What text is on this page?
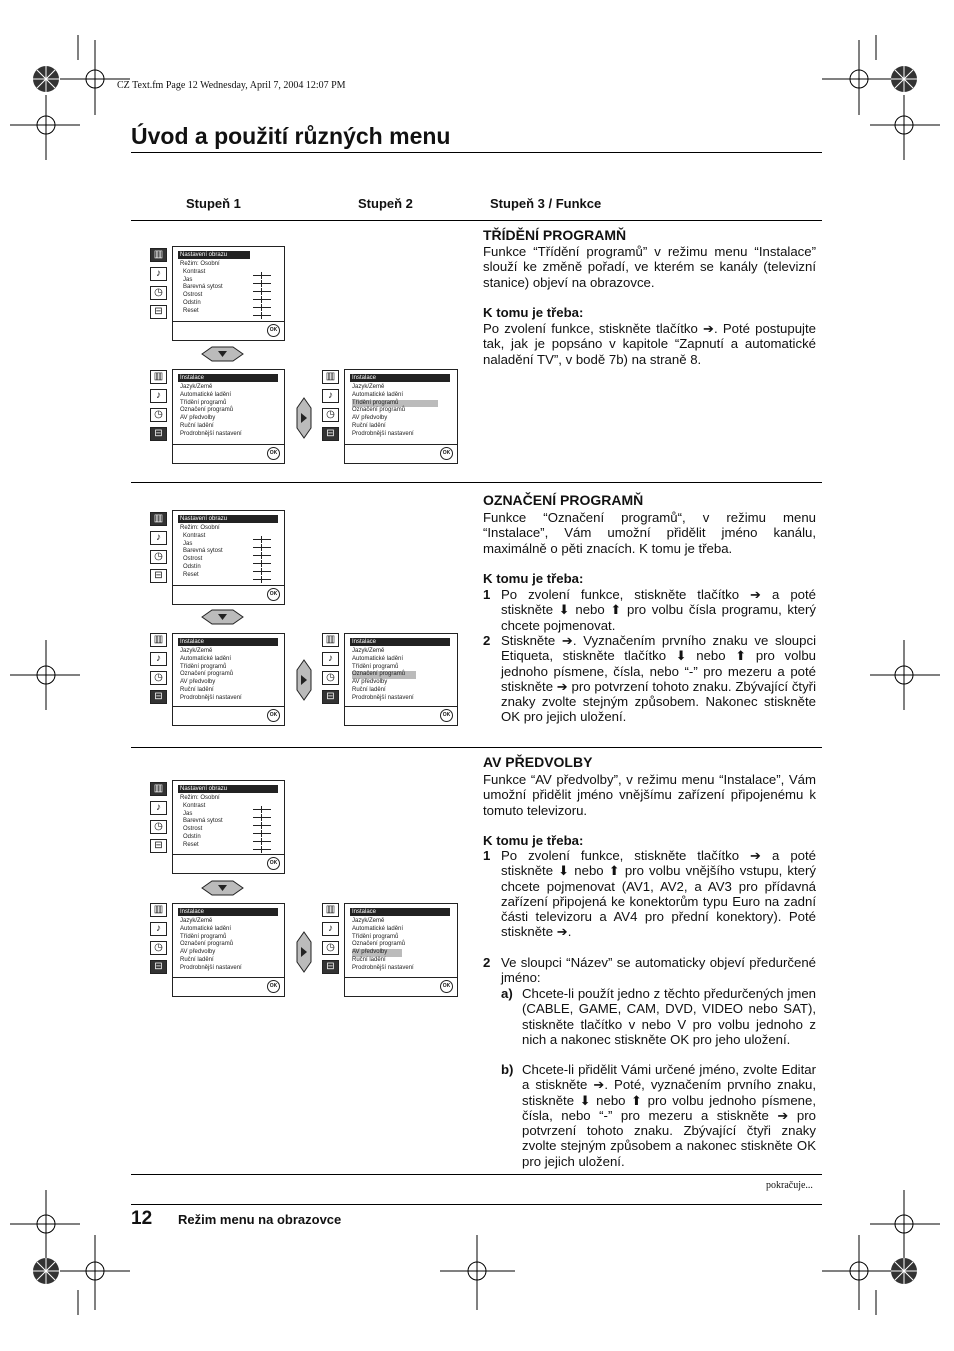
CZ Text.fm Page 12 Wednesday, April 7, 2004 12:07 PM
Úvod a použití různých menu
Stupeň 1	Stupeň 2	Stupeň 3 / Funkce
▥
♪
◷
⊟
Nastavení obrazu
Režim: Osobní
Kontrast
Jas
Barevná sytost
Ostrost
Odstín
Reset
OK
▥
♪
◷
⊟
Instalace
Jazyk/Země
Automatické ladění
Třídění programů
Označení programů
AV předvolby
Ruční ladění
Prodrobnější nastavení
OK
▥
♪
◷
⊟
Instalace
Jazyk/Země
Automatické ladění
Třídění programů
Označení programů
AV předvolby
Ruční ladění
Prodrobnější nastavení
OK
TŘÍDĚNÍ PROGRAMŇ
Funkce “Třídění programů” v režimu menu “Instalace” slouží ke změně pořadí, ve kterém se kanály (televizní stanice) objeví na obrazovce.
K tomu je třeba:
Po zvolení funkce, stiskněte tlačítko ➔. Poté postupujte tak, jak je popsáno v kapitole “Zapnutí a automatické naladění TV”, v bodě 7b) na straně 8.
▥
♪
◷
⊟
Nastavení obrazu
Režim: Osobní
Kontrast
Jas
Barevná sytost
Ostrost
Odstín
Reset
OK
▥
♪
◷
⊟
Instalace
Jazyk/Země
Automatické ladění
Třídění programů
Označení programů
AV předvolby
Ruční ladění
Prodrobnější nastavení
OK
▥
♪
◷
⊟
Instalace
Jazyk/Země
Automatické ladění
Třídění programů
Označení programů
AV předvolby
Ruční ladění
Prodrobnější nastavení
OK
OZNAČENÍ PROGRAMŇ
Funkce “Označení programů“, v režimu menu “Instalace”, Vám umožní přidělit jméno kanálu, maximálně o pěti znacích. K tomu je třeba.
K tomu je třeba:
1 Po zvolení funkce, stiskněte tlačítko ➔ a poté stiskněte ⬇ nebo ⬆ pro volbu čísla programu, který chcete pojmenovat.
2 Stiskněte ➔. Vyznačením prvního znaku ve sloupci Etiqueta, stiskněte tlačítko ⬇ nebo ⬆ pro volbu jednoho písmene, čísla, nebo “-” pro mezeru a poté stiskněte ➔ pro potvrzení tohoto znaku. Zbývající čtyři znaky zvolte stejným způsobem. Nakonec stiskněte OK pro jejich uložení.
▥
♪
◷
⊟
Nastavení obrazu
Režim: Osobní
Kontrast
Jas
Barevná sytost
Ostrost
Odstín
Reset
OK
▥
♪
◷
⊟
Instalace
Jazyk/Země
Automatické ladění
Třídění programů
Označení programů
AV předvolby
Ruční ladění
Prodrobnější nastavení
OK
▥
♪
◷
⊟
Instalace
Jazyk/Země
Automatické ladění
Třídění programů
Označení programů
AV předvolby
Ruční ladění
Prodrobnější nastavení
OK
AV PŘEDVOLBY
Funkce “AV předvolby”, v režimu menu “Instalace”, Vám umožní přidělit jméno vnějšímu zařízení připojenému k tomuto televizoru.
K tomu je třeba:
1 Po zvolení funkce, stiskněte tlačítko ➔ a poté stiskněte ⬇ nebo ⬆ pro volbu vnějšího vstupu, který chcete pojmenovat (AV1, AV2, a AV3 pro přídavná zařízení připojená ke konektorům typu Euro na zadní části televizoru a AV4 pro přední konektory). Poté stiskněte ➔.
2 Ve sloupci “Název” se automaticky objeví předurčené jméno:
a) Chcete-li použít jedno z těchto předurčených jmen (CABLE, GAME, CAM, DVD, VIDEO nebo SAT), stiskněte tlačítko v nebo V pro volbu jednoho z nich a nakonec stiskněte OK pro jeho uložení.
b) Chcete-li přidělit Vámi určené jméno, zvolte Editar a stiskněte ➔. Poté, vyznačením prvního znaku, stiskněte ⬇ nebo ⬆ pro volbu jednoho písmene, čísla, nebo “-” pro mezeru a stiskněte ➔ pro potvrzení tohoto znaku. Zbývající čtyři znaky zvolte stejným způsobem a nakonec stiskněte OK pro jejich uložení.
pokračuje...
12 Režim menu na obrazovce
